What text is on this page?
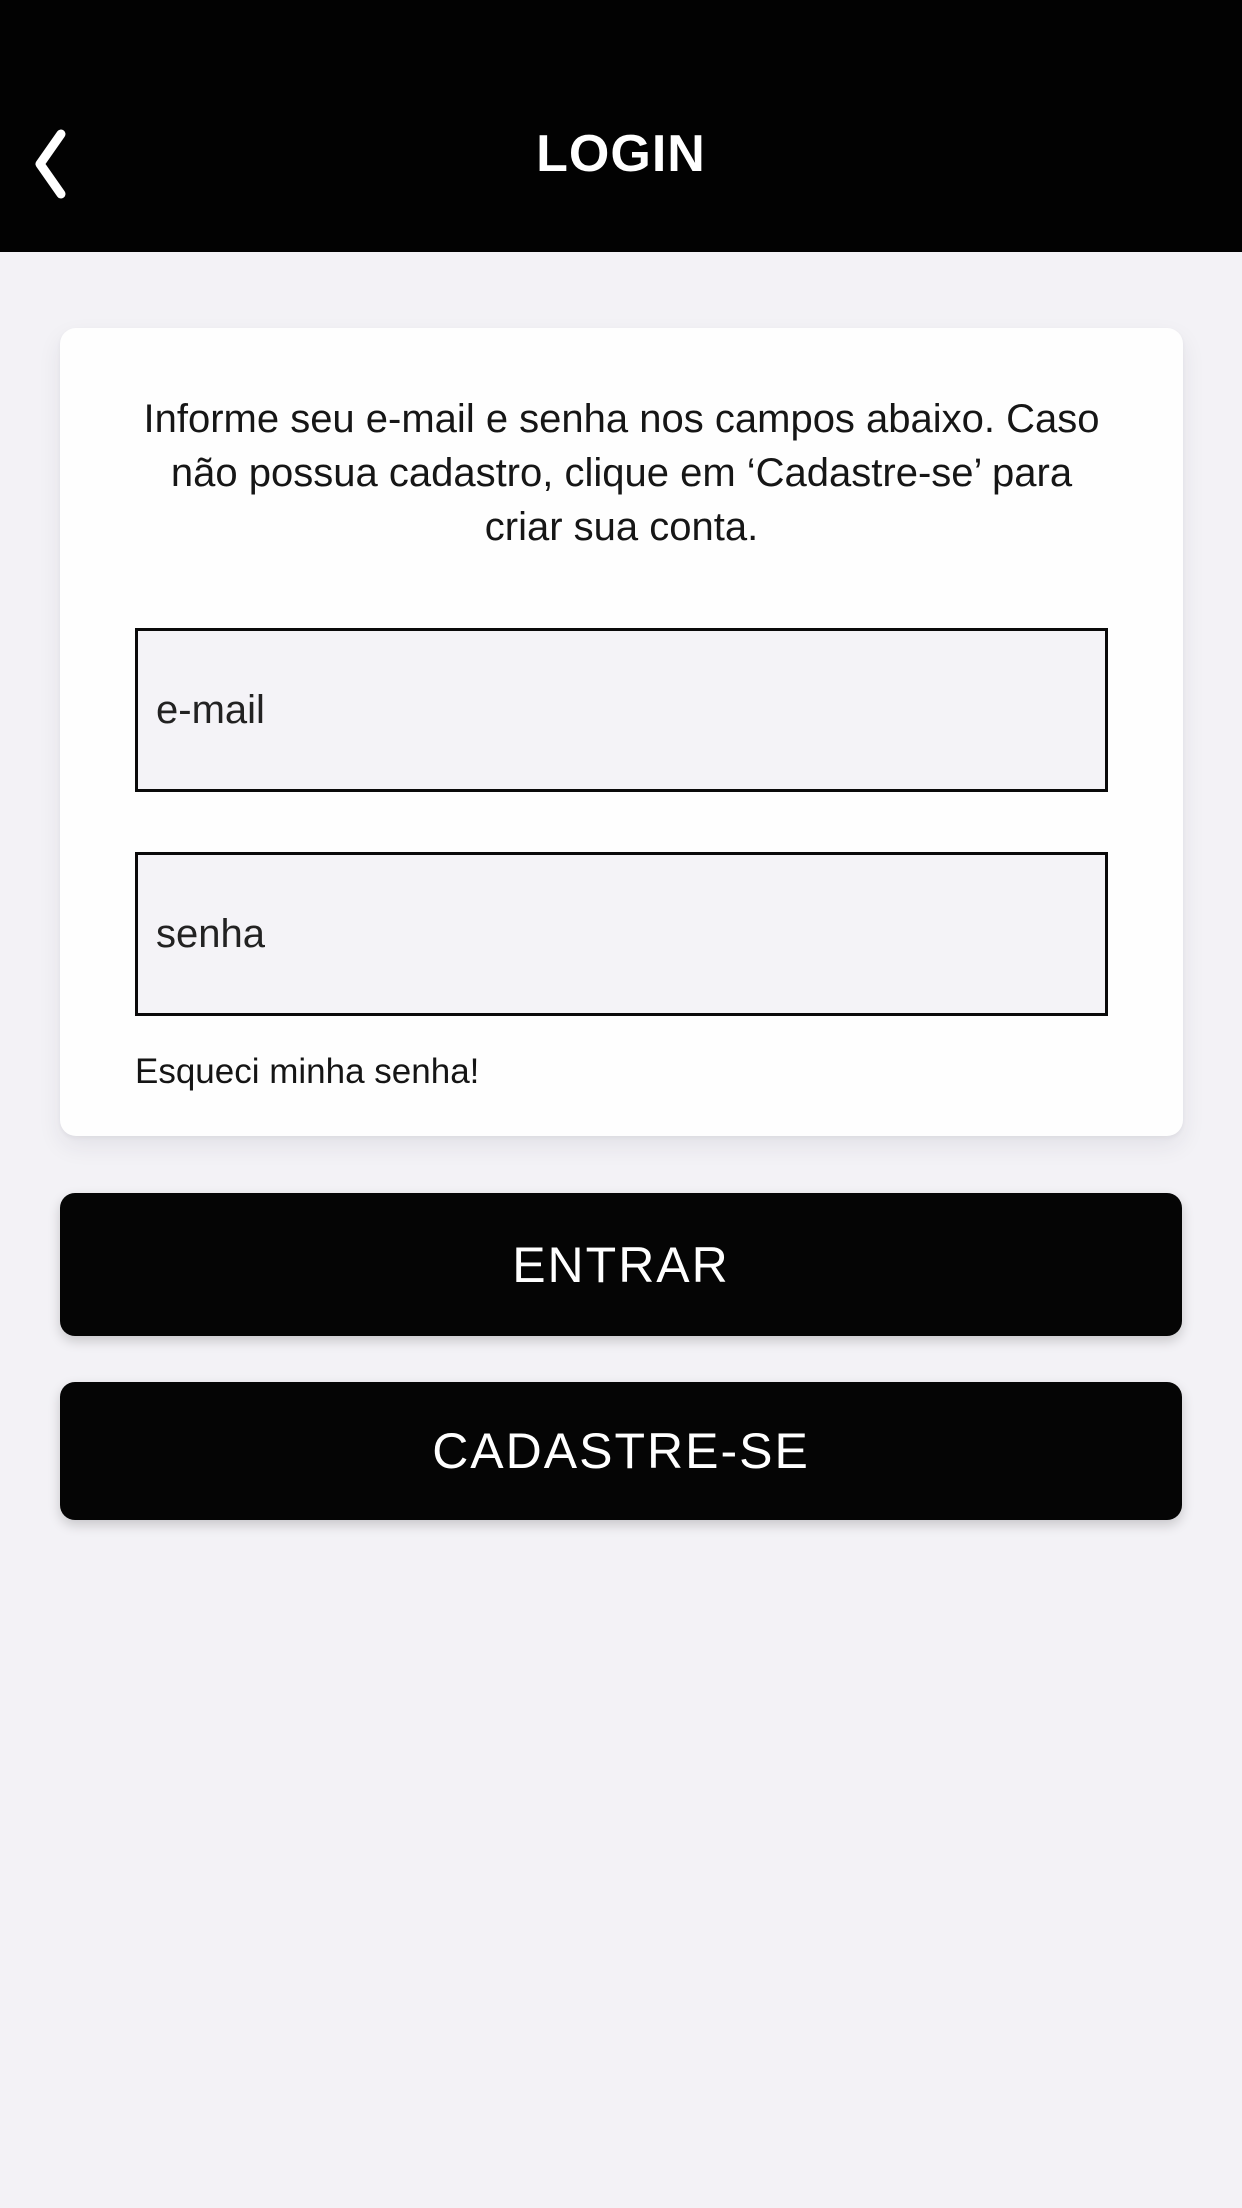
LOGIN

Informe seu e-mail e senha nos campos abaixo. Caso não possua cadastro, clique em ‘Cadastre-se’ para criar sua conta.

e-mail
senha Esqueci minha senha!
ENTRAR
CADASTRE-SE
